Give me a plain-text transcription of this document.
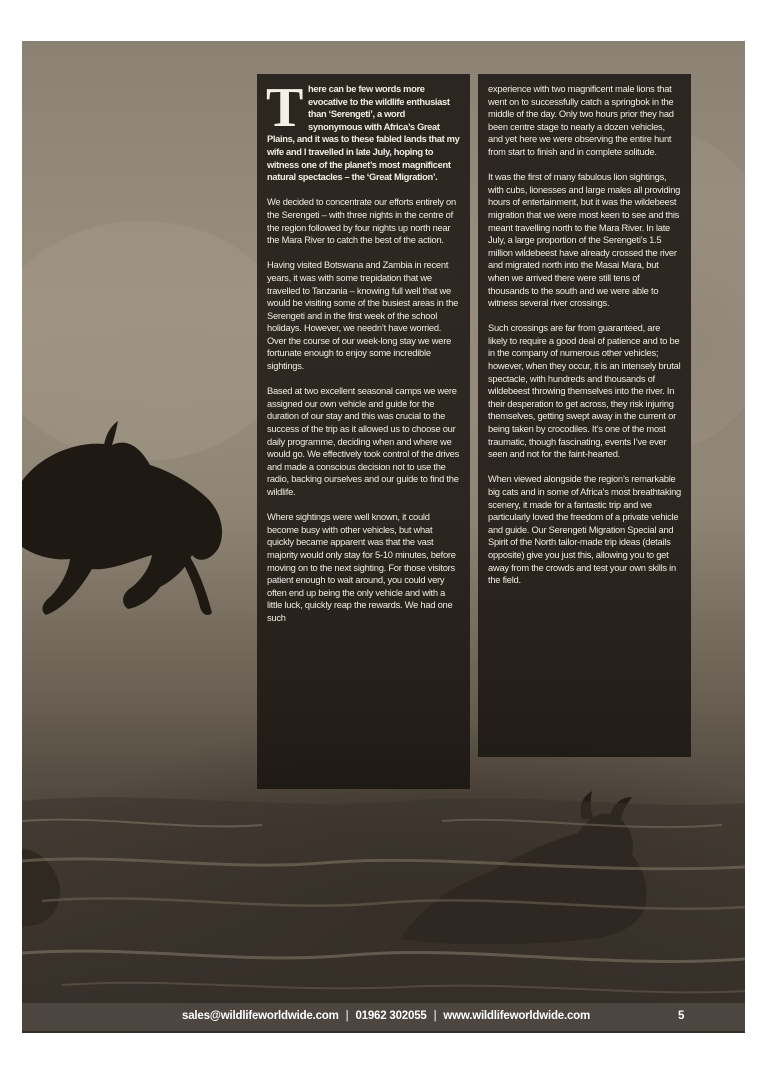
There can be few words more evocative to the wildlife enthusiast than ‘Serengeti’, a word synonymous with Africa’s Great Plains, and it was to these fabled lands that my wife and I travelled in late July, hoping to witness one of the planet’s most magnificent natural spectacles – the ‘Great Migration’.

We decided to concentrate our efforts entirely on the Serengeti – with three nights in the centre of the region followed by four nights up north near the Mara River to catch the best of the action.

Having visited Botswana and Zambia in recent years, it was with some trepidation that we travelled to Tanzania – knowing full well that we would be visiting some of the busiest areas in the Serengeti and in the first week of the school holidays. However, we needn’t have worried. Over the course of our week-long stay we were fortunate enough to enjoy some incredible sightings.

Based at two excellent seasonal camps we were assigned our own vehicle and guide for the duration of our stay and this was crucial to the success of the trip as it allowed us to choose our daily programme, deciding when and where we would go. We effectively took control of the drives and made a conscious decision not to use the radio, backing ourselves and our guide to find the wildlife.

Where sightings were well known, it could become busy with other vehicles, but what quickly became apparent was that the vast majority would only stay for 5-10 minutes, before moving on to the next sighting. For those visitors patient enough to wait around, you could very often end up being the only vehicle and with a little luck, quickly reap the rewards. We had one such

experience with two magnificent male lions that went on to successfully catch a springbok in the middle of the day. Only two hours prior they had been centre stage to nearly a dozen vehicles, and yet here we were observing the entire hunt from start to finish and in complete solitude.

It was the first of many fabulous lion sightings, with cubs, lionesses and large males all providing hours of entertainment, but it was the wildebeest migration that we were most keen to see and this meant travelling north to the Mara River. In late July, a large proportion of the Serengeti’s 1.5 million wildebeest have already crossed the river and migrated north into the Masai Mara, but when we arrived there were still tens of thousands to the south and we were able to witness several river crossings.

Such crossings are far from guaranteed, are likely to require a good deal of patience and to be in the company of numerous other vehicles; however, when they occur, it is an intensely brutal spectacle, with hundreds and thousands of wildebeest throwing themselves into the river. In their desperation to get across, they risk injuring themselves, getting swept away in the current or being taken by crocodiles. It’s one of the most traumatic, though fascinating, events I’ve ever seen and not for the faint-hearted.

When viewed alongside the region’s remarkable big cats and in some of Africa’s most breathtaking scenery, it made for a fantastic trip and we particularly loved the freedom of a private vehicle and guide. Our Serengeti Migration Special and Spirit of the North tailor-made trip ideas (details opposite) give you just this, allowing you to get away from the crowds and test your own skills in the field.

sales@wildlifeworldwide.com | 01962 302055 | www.wildlifeworldwide.com	5
